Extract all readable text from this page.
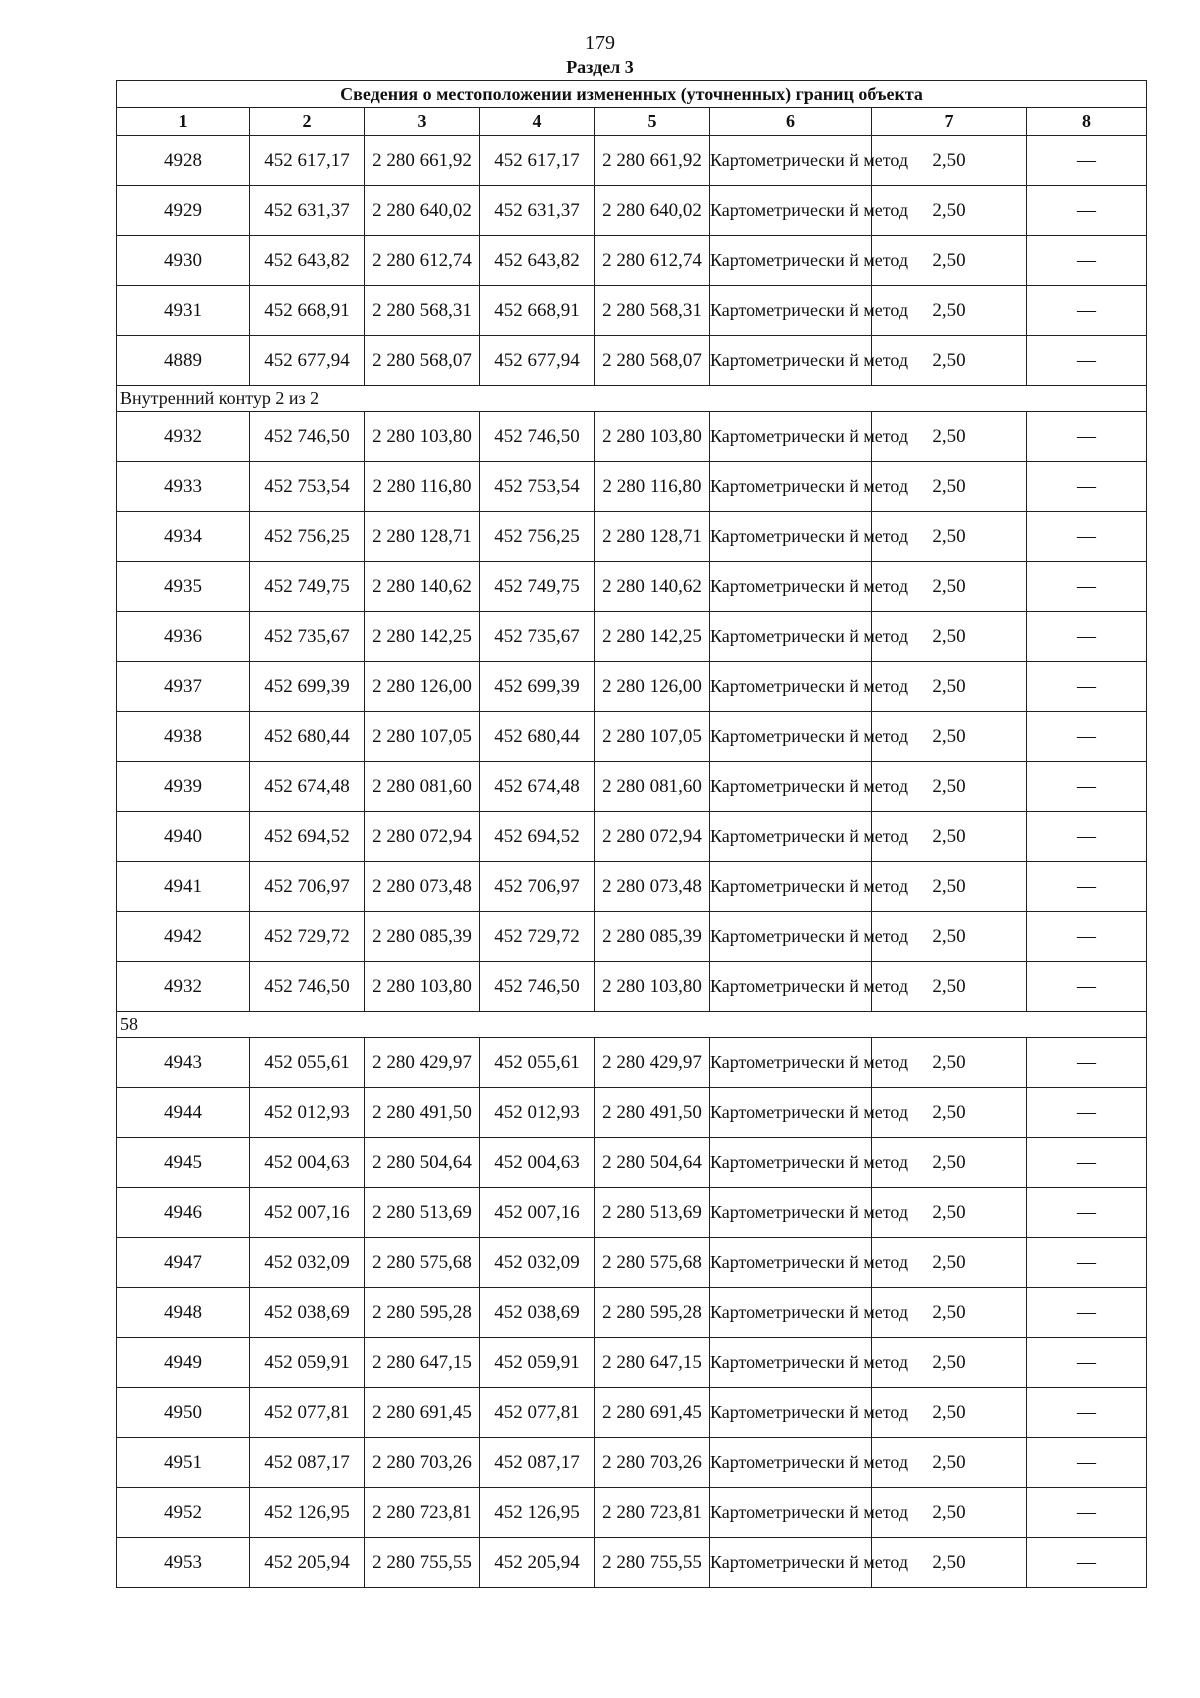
179
Раздел 3
Сведения о местоположении измененных (уточненных) границ объекта							
1	2	3	4	5	6	7	8
4928	452 617,17	2 280 661,92	452 617,17	2 280 661,92	Картометрически й метод	2,50	—
4929	452 631,37	2 280 640,02	452 631,37	2 280 640,02	Картометрически й метод	2,50	—
4930	452 643,82	2 280 612,74	452 643,82	2 280 612,74	Картометрически й метод	2,50	—
4931	452 668,91	2 280 568,31	452 668,91	2 280 568,31	Картометрически й метод	2,50	—
4889	452 677,94	2 280 568,07	452 677,94	2 280 568,07	Картометрически й метод	2,50	—
Внутренний контур 2 из 2							
4932	452 746,50	2 280 103,80	452 746,50	2 280 103,80	Картометрически й метод	2,50	—
4933	452 753,54	2 280 116,80	452 753,54	2 280 116,80	Картометрически й метод	2,50	—
4934	452 756,25	2 280 128,71	452 756,25	2 280 128,71	Картометрически й метод	2,50	—
4935	452 749,75	2 280 140,62	452 749,75	2 280 140,62	Картометрически й метод	2,50	—
4936	452 735,67	2 280 142,25	452 735,67	2 280 142,25	Картометрически й метод	2,50	—
4937	452 699,39	2 280 126,00	452 699,39	2 280 126,00	Картометрически й метод	2,50	—
4938	452 680,44	2 280 107,05	452 680,44	2 280 107,05	Картометрически й метод	2,50	—
4939	452 674,48	2 280 081,60	452 674,48	2 280 081,60	Картометрически й метод	2,50	—
4940	452 694,52	2 280 072,94	452 694,52	2 280 072,94	Картометрически й метод	2,50	—
4941	452 706,97	2 280 073,48	452 706,97	2 280 073,48	Картометрически й метод	2,50	—
4942	452 729,72	2 280 085,39	452 729,72	2 280 085,39	Картометрически й метод	2,50	—
4932	452 746,50	2 280 103,80	452 746,50	2 280 103,80	Картометрически й метод	2,50	—
58							
4943	452 055,61	2 280 429,97	452 055,61	2 280 429,97	Картометрически й метод	2,50	—
4944	452 012,93	2 280 491,50	452 012,93	2 280 491,50	Картометрически й метод	2,50	—
4945	452 004,63	2 280 504,64	452 004,63	2 280 504,64	Картометрически й метод	2,50	—
4946	452 007,16	2 280 513,69	452 007,16	2 280 513,69	Картометрически й метод	2,50	—
4947	452 032,09	2 280 575,68	452 032,09	2 280 575,68	Картометрически й метод	2,50	—
4948	452 038,69	2 280 595,28	452 038,69	2 280 595,28	Картометрически й метод	2,50	—
4949	452 059,91	2 280 647,15	452 059,91	2 280 647,15	Картометрически й метод	2,50	—
4950	452 077,81	2 280 691,45	452 077,81	2 280 691,45	Картометрически й метод	2,50	—
4951	452 087,17	2 280 703,26	452 087,17	2 280 703,26	Картометрически й метод	2,50	—
4952	452 126,95	2 280 723,81	452 126,95	2 280 723,81	Картометрически й метод	2,50	—
4953	452 205,94	2 280 755,55	452 205,94	2 280 755,55	Картометрически й метод	2,50	—
